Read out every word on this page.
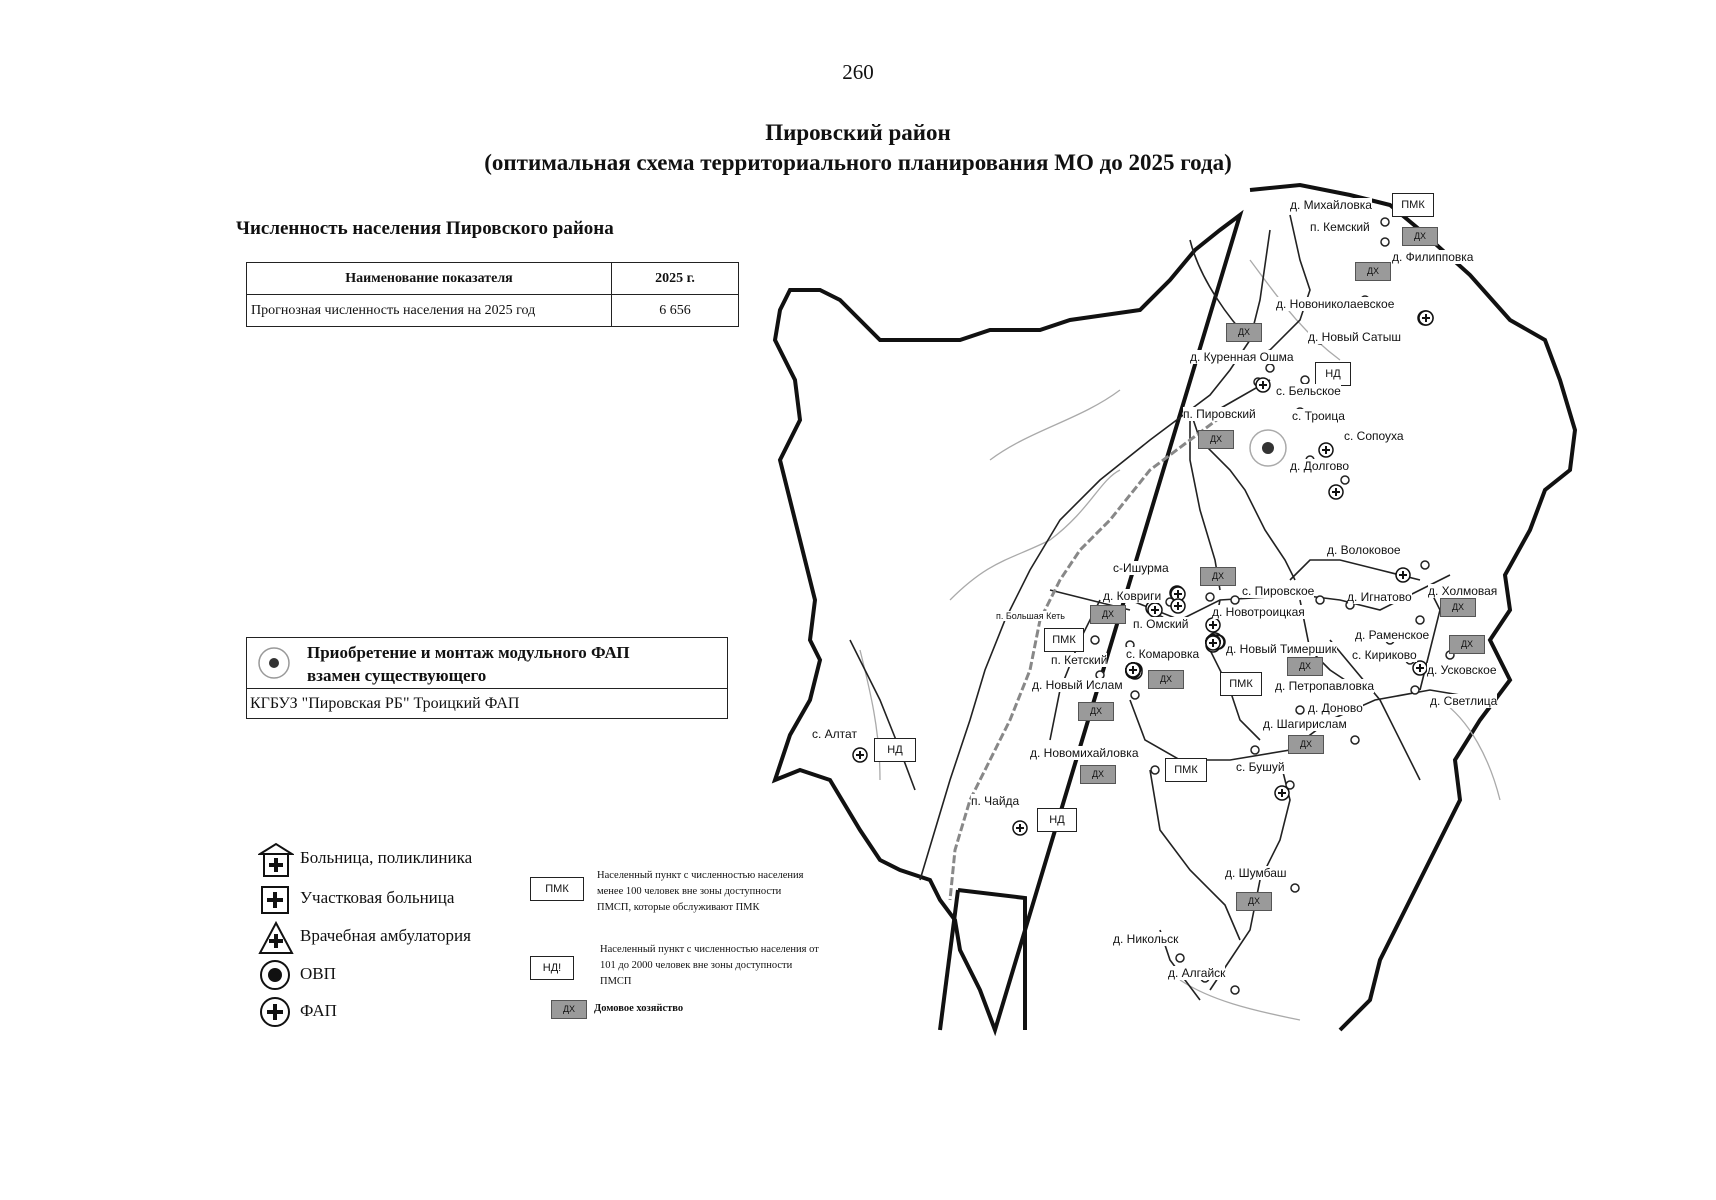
260
Пировский район
(оптимальная схема территориального планирования МО до 2025 года)
Численность населения Пировского района
Наименование показателя	2025 г.
Прогнозная численность населения на 2025 год	6 656
Приобретение и монтаж модульного ФАП
взамен существующего
КГБУЗ "Пировская РБ" Троицкий ФАП
Больница, поликлиника
Участковая больница
Врачебная амбулатория
ОВП
ФАП
ПМК
Населенный пункт с численностью населения менее 100 человек вне зоны доступности ПМСП, которые обслуживают ПМК
НД!
Населенный пункт с численностью населения от 101 до 2000 человек вне зоны доступности ПМСП
ДХ	Домовое хозяйство
ПМК
НД
ПМК
ПМК
ПМК
НД
НД
ДХ
ДХ
ДХ
ДХ
ДХ
ДХ
ДХ
ДХ
ДХ
ДХ
ДХ
ДХ
ДХ
ДХ
д. Михайловка
п. Кемский
д. Филипповка
д. Новониколаевское
д. Новый Сатыш
д. Куренная Ошма
с. Бельское
п. Пировский	с. Троица
с. Сопоуха
д. Долгово
д. Волоковое
с-Ишурма
д. Ковриги	с. Пировское	д. Холмовая
д. Игнатово
п. Большая Кеть
п. Омский
д. Новотроицкая
д. Раменское
д. Новый Тимершик с. Кириково
д. Усковское
п. Кетский с. Комаровка
д. Новый Ислам	д. Петропавловка
д. Светлица
д. Доново
д. Шагирислам
с. Алтат
д. Новомихайловка
с. Бушуй
п. Чайда
д. Шумбаш
д. Никольск
д. Алгайск
